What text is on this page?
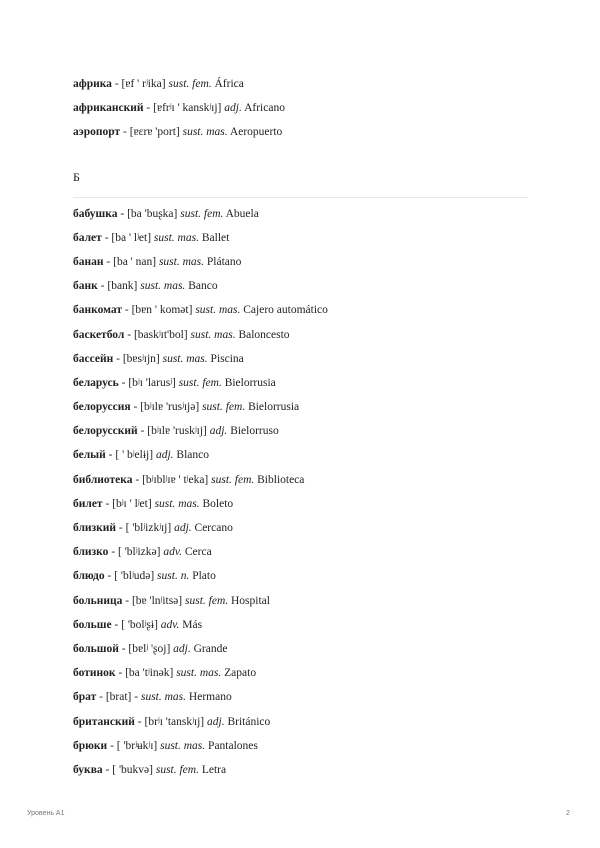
африка - [ɐf ' rʲika] sust. fem. África
африканский - [ɐfrʲɪ ' kanskʲɪj] adj. Africano
аэропорт - [ɐɛrɐ 'port] sust. mas. Aeropuerto
Б
бабушка - [ba 'buʂka] sust. fem. Abuela
балет - [ba ' lʲet] sust. mas. Ballet
банан - [ba ' nan] sust. mas. Plátano
банк - [bank] sust. mas. Banco
банкомат - [bɐn ' komət] sust. mas. Cajero automático
баскетбол - [baskʲɪt'bol] sust. mas. Baloncesto
бассейн - [bɐsʲɪjn] sust. mas. Piscina
беларусь - [bʲɪ 'larusʲ] sust. fem. Bielorrusia
белоруссия - [bʲɪlɐ 'rusʲɪjə] sust. fem. Bielorrusia
белорусский - [bʲɪlɐ 'ruskʲɪj] adj. Bielorruso
белый - [ ' bʲelɨj] adj. Blanco
библиотека - [bʲɪblʲɪɐ ' tʲeka] sust. fem. Biblioteca
билет - [bʲɪ ' lʲet] sust. mas. Boleto
близкий - [ 'blʲizkʲɪj] adj. Cercano
близко - [ 'blʲizkə] adv. Cerca
блюдо - [ 'blʲudə] sust. n. Plato
больница - [bɐ 'lnʲitsə] sust. fem. Hospital
больше - [ 'bolʲʂɨ] adv. Más
большой - [bɐlʲ 'ʂoj] adj. Grande
ботинок - [ba 'tʲinək] sust. mas. Zapato
брат - [brat] - sust. mas. Hermano
британский - [brʲɪ 'tanskʲɪj] adj. Británico
брюки - [ 'brʲʉkʲɪ] sust. mas. Pantalones
буква - [ 'bukvə] sust. fem. Letra
Уровень A1	2
